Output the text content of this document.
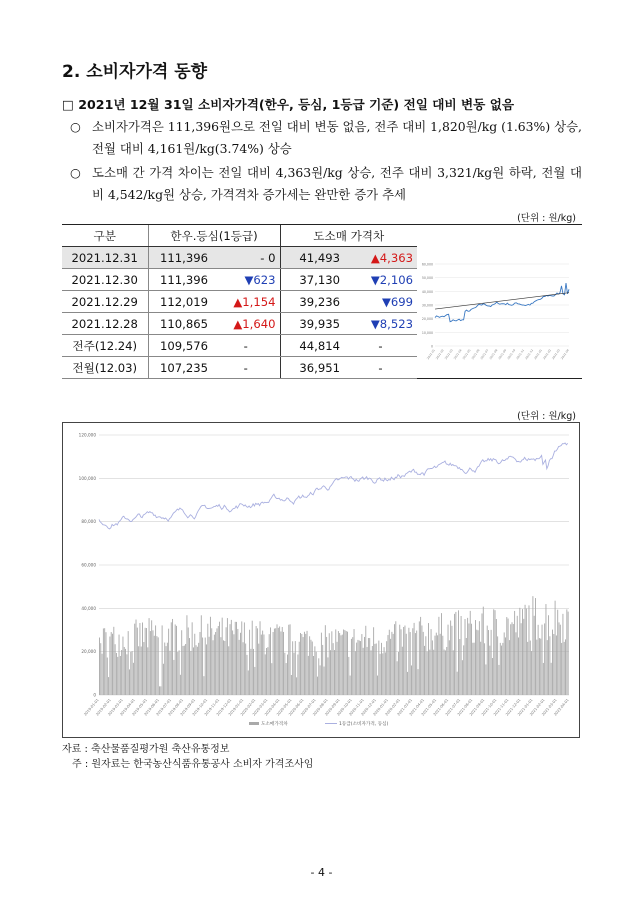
2. 소비자가격 동향
□ 2021년 12월 31일 소비자가격(한우, 등심, 1등급 기준) 전일 대비 변동 없음
○ 소비자가격은 111,396원으로 전일 대비 변동 없음, 전주 대비 1,820원/kg (1.63%) 상승, 전월 대비 4,161원/kg(3.74%) 상승
○ 도소매 간 가격 차이는 전일 대비 4,363원/kg 상승, 전주 대비 3,321/kg원 하락, 전월 대비 4,542/kg원 상승, 가격격차 증가세는 완만한 증가 추세
(단위 : 원/kg)
구분	한우.등심(1등급)		도소매 가격차	
2021.12.31	111,396	- 0	41,493	▲4,363
2021.12.30	111,396	▼623	37,130	▼2,106
2021.12.29	112,019	▲1,154	39,236	▼699
2021.12.28	110,865	▲1,640	39,935	▼8,523
전주(12.24)	109,576	-	44,814	-
전월(12.03)	107,235	-	36,951	-
60,000
50,000
40,000
30,000
20,000
10,000
0
2021-01
2021-02
2021-03
2021-04
2021-05
2021-06
2021-07
2021-08
2021-09
2021-10
2021-11
2021-12
2021-01
2021-02
2021-03
2021-04
(단위 : 원/kg)
120,000
100,000
80,000
60,000
40,000
20,000
0
2019-01-01
2019-02-01
2019-03-01
2019-04-01
2019-05-01
2019-06-01
2019-07-01
2019-08-01
2019-09-01
2019-10-01
2019-11-01
2019-12-01
2019-01-01
2020-02-01
2020-03-01
2020-04-01
2020-05-01
2020-06-01
2020-07-01
2020-08-01
2020-09-01
2020-10-01
2020-11-01
2020-12-01
2020-01-01
2020-02-01
2021-03-01
2021-04-01
2021-05-01
2021-06-01
2021-07-01
2021-08-01
2021-09-01
2021-10-01
2021-11-01
2021-12-01
2021-01-01
2021-02-01
2021-03-01
2022-04-01
도소매가격차	1등급(소비자가격, 등심)
자료 : 축산물품질평가원 축산유통정보
주 : 원자료는 한국농산식품유통공사 소비자 가격조사임
- 4 -
